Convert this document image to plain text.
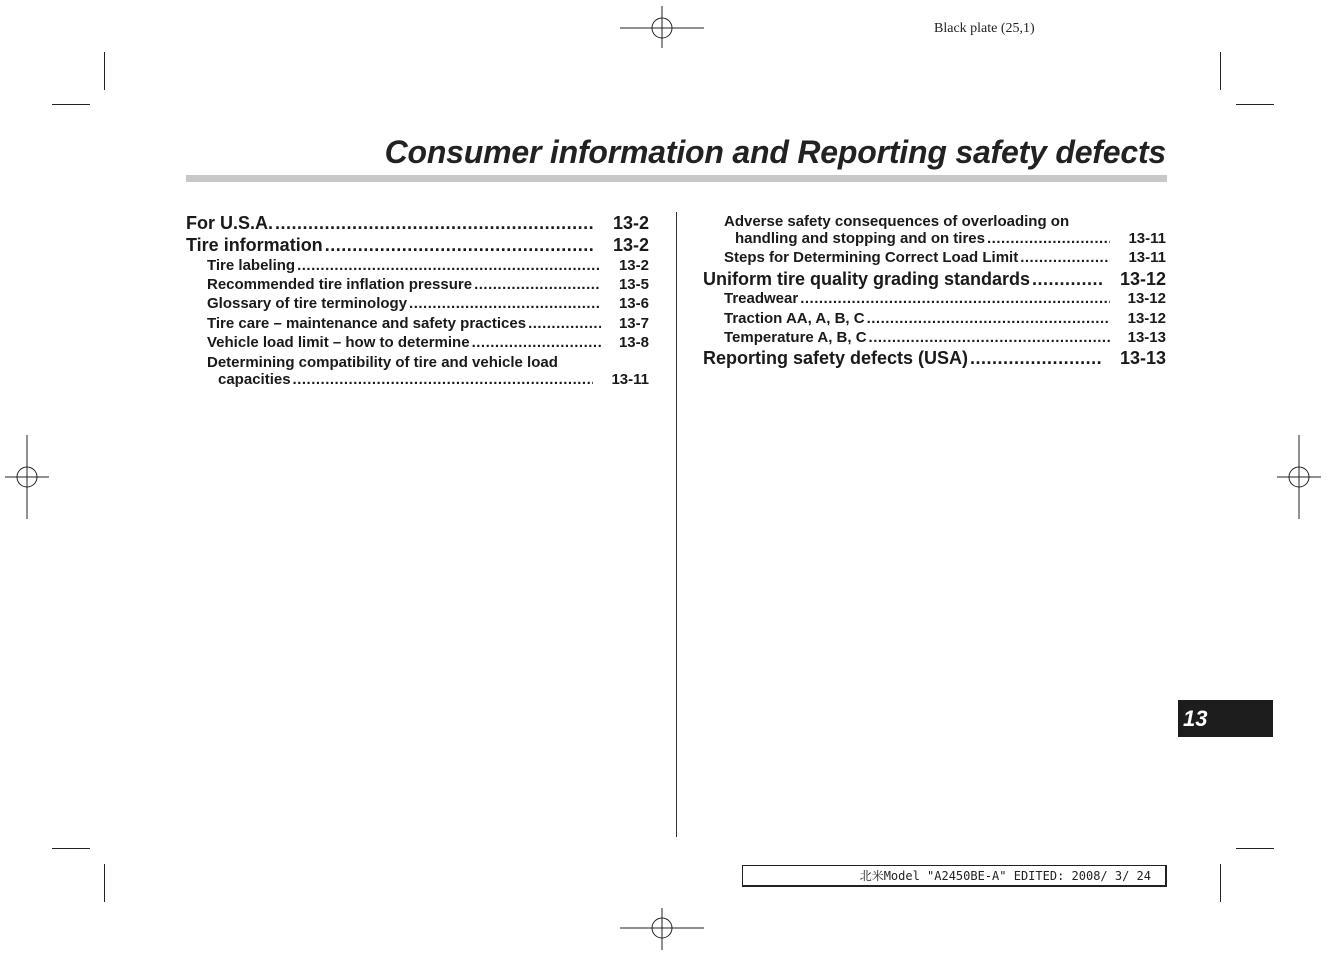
Black plate (25,1)
Consumer information and Reporting safety defects
For U.S.A. .....	13-2
Tire information .....	13-2
Tire labeling .....	13-2
Recommended tire inflation pressure .....	13-5
Glossary of tire terminology .....	13-6
Tire care – maintenance and safety practices .....	13-7
Vehicle load limit – how to determine .....	13-8
Determining compatibility of tire and vehicle load
capacities .....	13-11
Adverse safety consequences of overloading on
handling and stopping and on tires .....	13-11
Steps for Determining Correct Load Limit .....	13-11
Uniform tire quality grading standards .....	13-12
Treadwear .....	13-12
Traction AA, A, B, C .....	13-12
Temperature A, B, C .....	13-13
Reporting safety defects (USA) .....	13-13
13
北米Model "A2450BE-A" EDITED: 2008/ 3/ 24
